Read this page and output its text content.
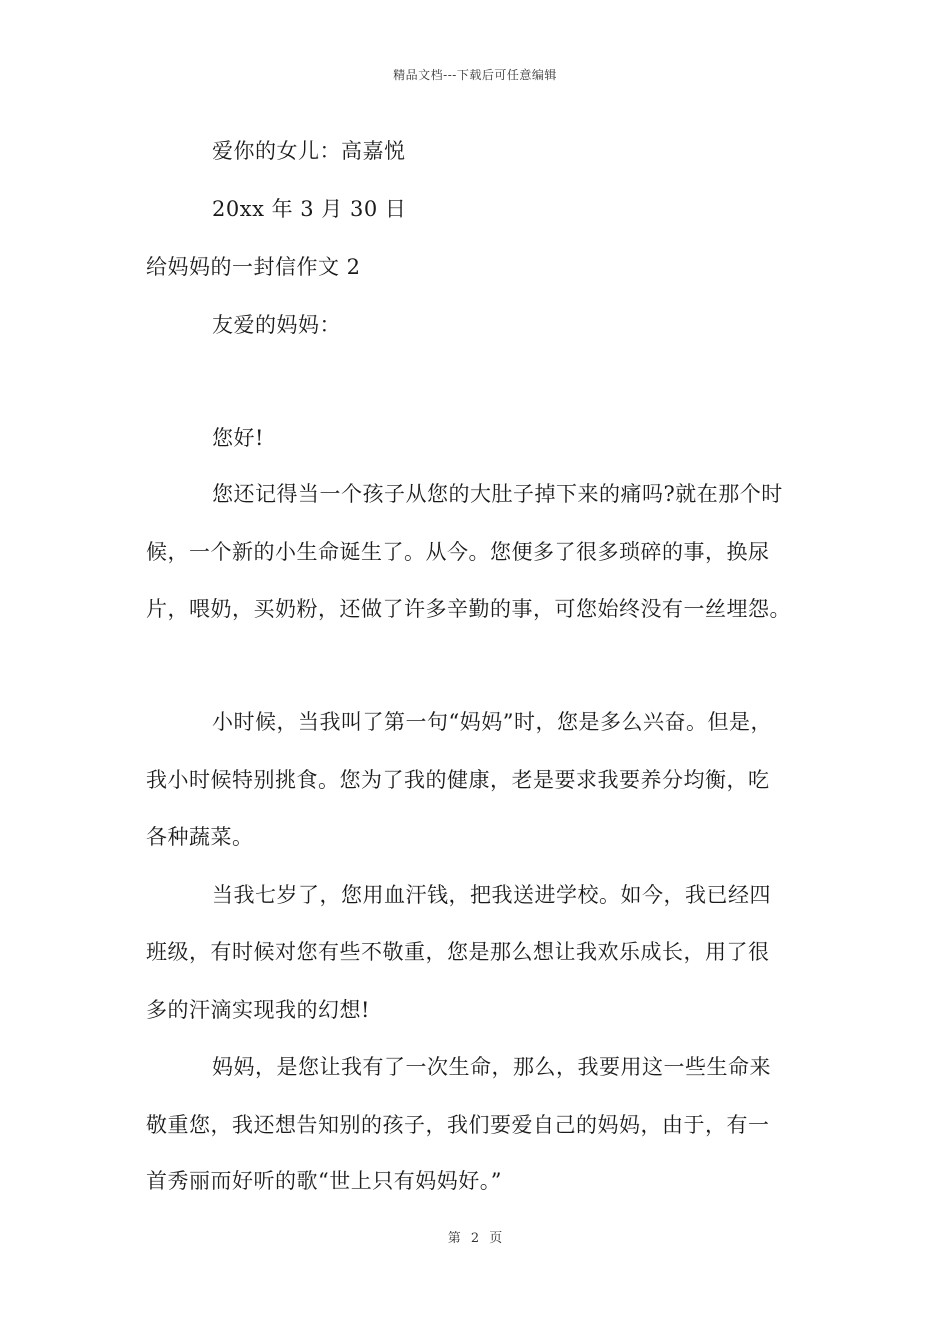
精品文档---下载后可任意编辑
爱你的女儿：高嘉悦
20xx 年 3 月 30 日
给妈妈的一封信作文 2
友爱的妈妈：
您好!
您还记得当一个孩子从您的大肚子掉下来的痛吗?就在那个时
候，一个新的小生命诞生了。从今。您便多了很多琐碎的事，换尿
片，喂奶，买奶粉，还做了许多辛勤的事，可您始终没有一丝埋怨。
小时候，当我叫了第一句“妈妈”时，您是多么兴奋。但是，
我小时候特别挑食。您为了我的健康，老是要求我要养分均衡，吃
各种蔬菜。
当我七岁了，您用血汗钱，把我送进学校。如今，我已经四
班级，有时候对您有些不敬重，您是那么想让我欢乐成长，用了很
多的汗滴实现我的幻想!
妈妈，是您让我有了一次生命，那么，我要用这一些生命来
敬重您，我还想告知别的孩子，我们要爱自己的妈妈，由于，有一
首秀丽而好听的歌“世上只有妈妈好。”
第 2 页
